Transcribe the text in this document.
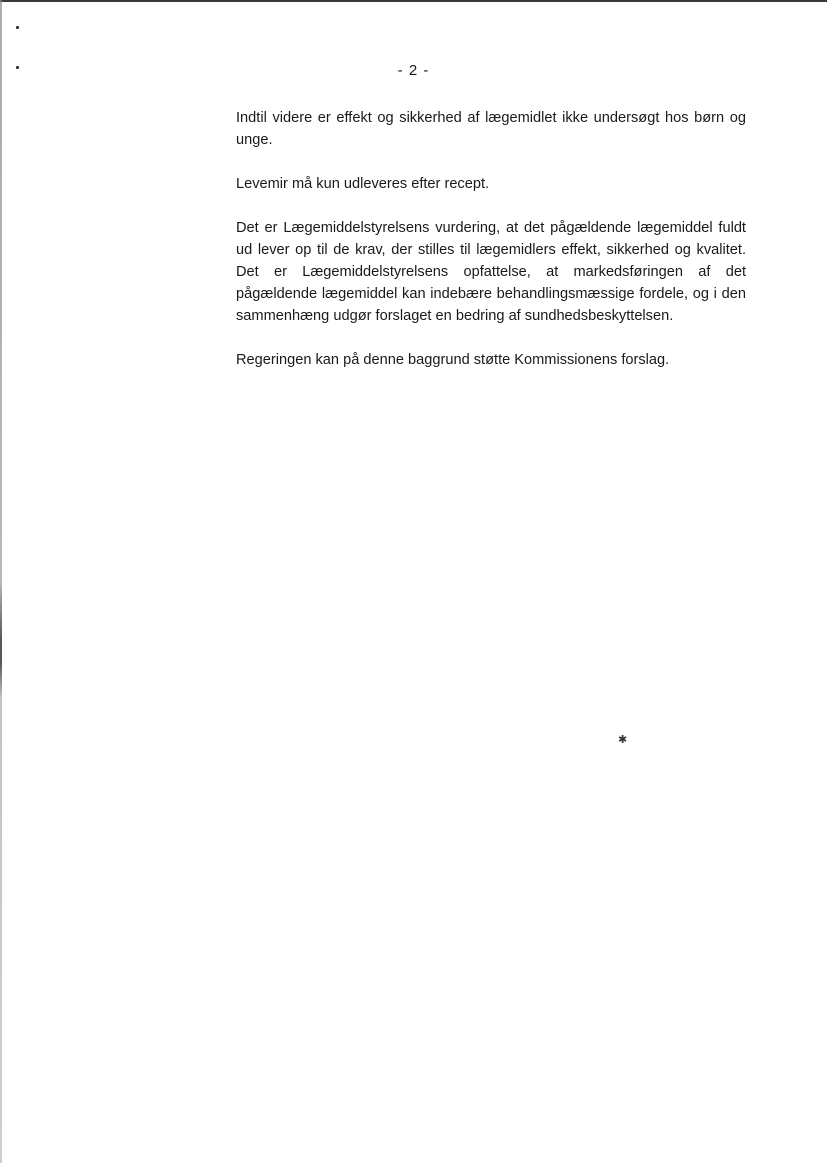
✱
- 2 -

Indtil videre er effekt og sikkerhed af lægemidlet ikke undersøgt hos børn og unge.

Levemir må kun udleveres efter recept.

Det er Lægemiddelstyrelsens vurdering, at det pågældende lægemiddel fuldt ud lever op til de krav, der stilles til lægemidlers effekt, sikkerhed og kvalitet. Det er Lægemiddelstyrelsens opfattelse, at markedsføringen af det pågældende lægemiddel kan indebære behandlingsmæssige fordele, og i den sammenhæng udgør forslaget en bedring af sundhedsbeskyttelsen.

Regeringen kan på denne baggrund støtte Kommissionens forslag.
